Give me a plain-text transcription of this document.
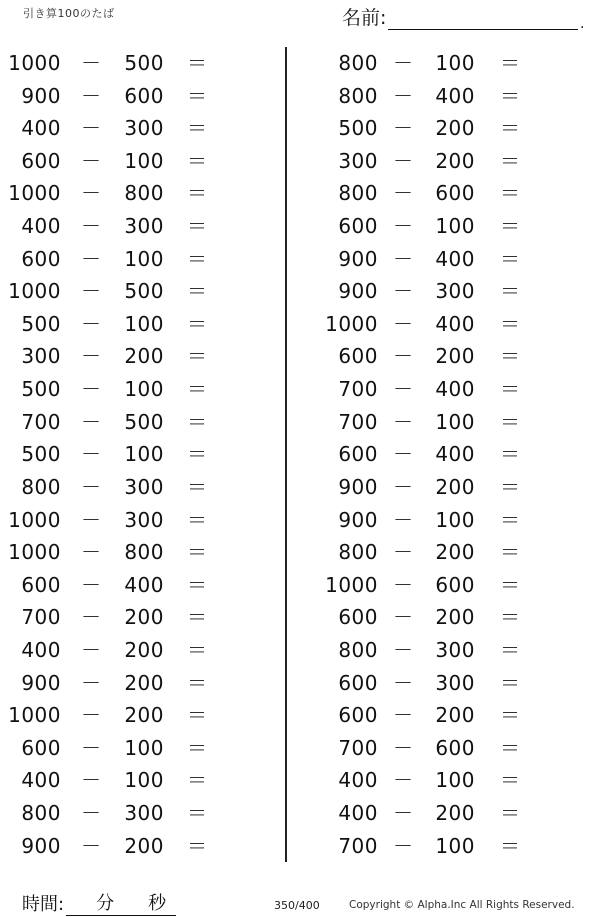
引き算100のたば	名前:	.
1000 －	500 ＝
900 －	600 ＝
400 －	300 ＝
600 －	100 ＝
1000 －	800 ＝
400 －	300 ＝
600 －	100 ＝
1000 －	500 ＝
500 －	100 ＝
300 －	200 ＝
500 －	100 ＝
700 －	500 ＝
500 －	100 ＝
800 －	300 ＝
1000 －	300 ＝
1000 －	800 ＝
600 －	400 ＝
700 －	200 ＝
400 －	200 ＝
900 －	200 ＝
1000 －	200 ＝
600 －	100 ＝
400 －	100 ＝
800 －	300 ＝
900 －	200 ＝
800 －	100 ＝
800 －	400 ＝
500 －	200 ＝
300 －	200 ＝
800 －	600 ＝
600 －	100 ＝
900 －	400 ＝
900 －	300 ＝
1000 －	400 ＝
600 －	200 ＝
700 －	400 ＝
700 －	100 ＝
600 －	400 ＝
900 －	200 ＝
900 －	100 ＝
800 －	200 ＝
1000 －	600 ＝
600 －	200 ＝
800 －	300 ＝
600 －	300 ＝
600 －	200 ＝
700 －	600 ＝
400 －	100 ＝
400 －	200 ＝
700 －	100 ＝
時間: 分 秒	350/400	Copyright © Alpha.Inc All Rights Reserved.
